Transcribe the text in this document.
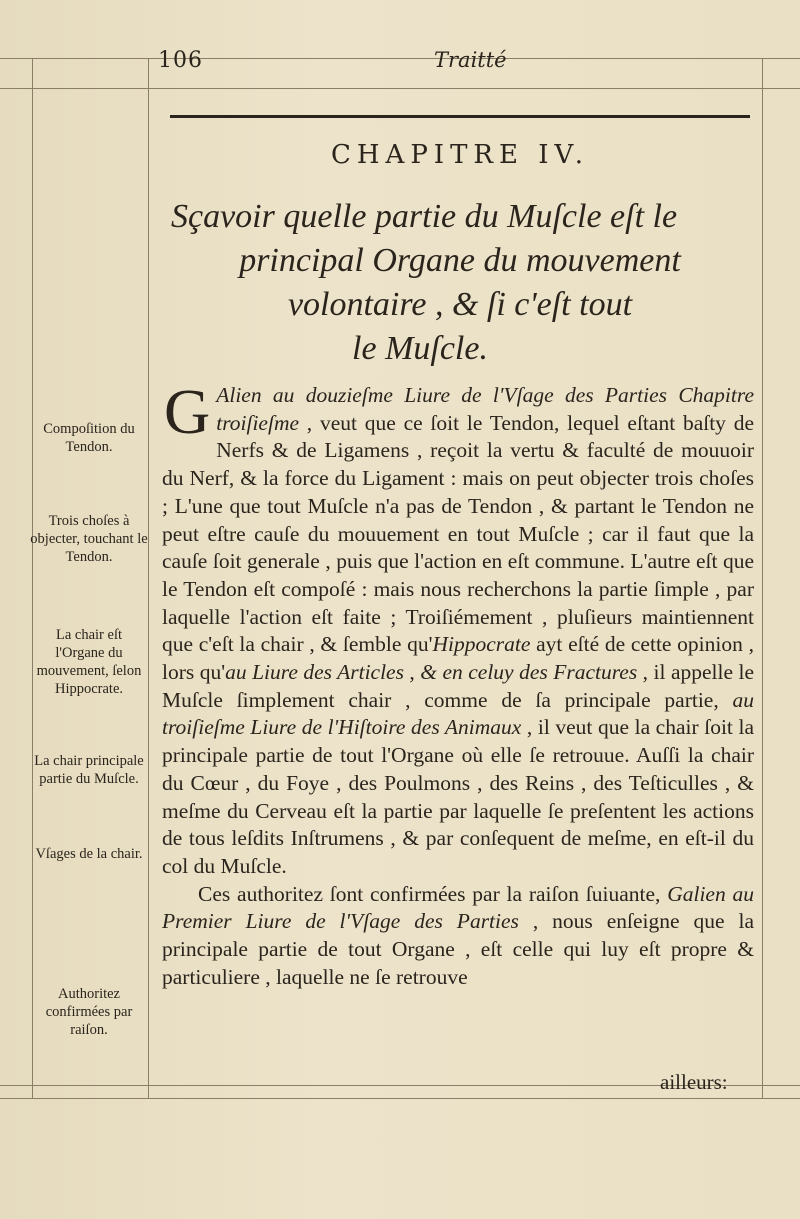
106	Traitté
CHAPITRE IV.
Sçavoir quelle partie du Muſcle eſt le
principal Organe du mouvement
volontaire , & ſi c'eſt tout
le Muſcle.
Compoſition du Tendon.
Trois choſes à objecter, touchant le Tendon.
La chair eſt l'Organe du mouvement, ſelon Hippocrate.
La chair principale partie du Muſcle.
Vſages de la chair.
Authoritez confirmées par raiſon.

G Alien au douzieſme Liure de l'Vſage des Parties Chapitre troiſieſme , veut que ce ſoit le Tendon, lequel eſtant baſty de Nerfs & de Ligamens , reçoit la vertu & faculté de mouuoir du Nerf, & la force du Ligament : mais on peut objecter trois choſes ; L'une que tout Muſcle n'a pas de Tendon , & partant le Tendon ne peut eſtre cauſe du mouuement en tout Muſcle ; car il faut que la cauſe ſoit generale , puis que l'action en eſt commune. L'autre eſt que le Tendon eſt compoſé : mais nous recherchons la partie ſimple , par laquelle l'action eſt faite ; Troiſiémement , pluſieurs maintiennent que c'eſt la chair , & ſemble qu'Hippocrate ayt eſté de cette opinion , lors qu'au Liure des Articles , & en celuy des Fractures , il appelle le Muſcle ſimplement chair , comme de ſa principale partie, au troiſieſme Liure de l'Hiſtoire des Animaux , il veut que la chair ſoit la principale partie de tout l'Organe où elle ſe retrouue. Auſſi la chair du Cœur , du Foye , des Poulmons , des Reins , des Teſticulles , & meſme du Cerveau eſt la partie par laquelle ſe preſentent les actions de tous leſdits Inſtrumens , & par conſequent de meſme, en eſt-il du col du Muſcle.

Ces authoritez ſont confirmées par la raiſon ſuiuante, Galien au Premier Liure de l'Vſage des Parties , nous enſeigne que la principale partie de tout Organe , eſt celle qui luy eſt propre & particuliere , laquelle ne ſe retrouve

ailleurs:
